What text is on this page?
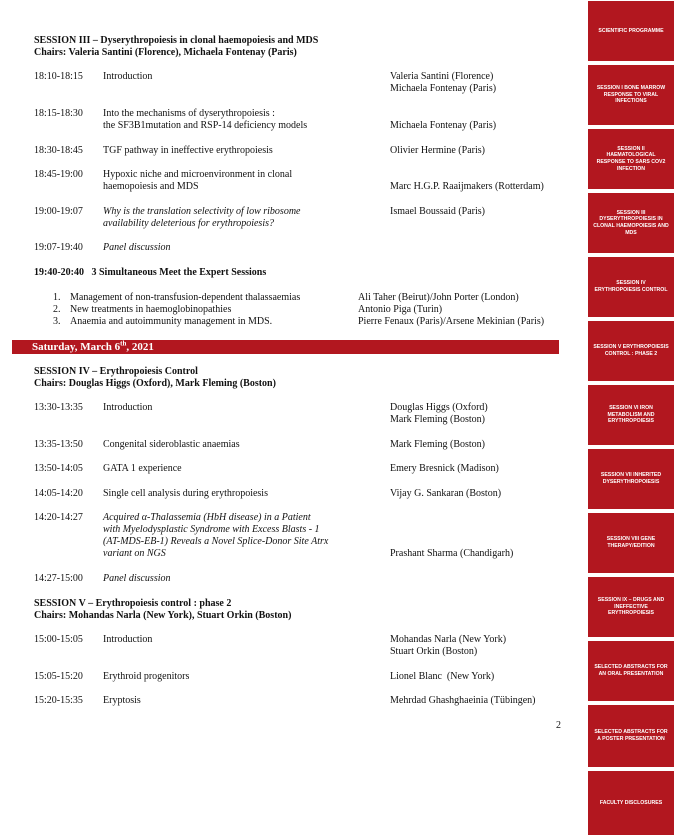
SESSION III – Dyserythropoiesis in clonal haemopoiesis and MDS
Chairs: Valeria Santini (Florence), Michaela Fontenay (Paris)
18:10-18:15 Introduction	Valeria Santini (Florence)
Michaela Fontenay (Paris)
18:15-18:30 Into the mechanisms of dyserythropoiesis :
the SF3B1mutation and RSP-14 deficiency models	Michaela Fontenay (Paris)
18:30-18:45 TGF pathway in ineffective erythropoiesis	Olivier Hermine (Paris)
18:45-19:00 Hypoxic niche and microenvironment in clonal
haemopoiesis and MDS	Marc H.G.P. Raaijmakers (Rotterdam)
19:00-19:07 Why is the translation selectivity of low ribosome
availability deleterious for erythropoiesis?
Ismael Boussaid (Paris)
19:07-19:40 Panel discussion
19:40-20:40   3 Simultaneous Meet the Expert Sessions
1. Management of non-transfusion-dependent thalassaemias	Ali Taher (Beirut)/John Porter (London)
2. New treatments in haemoglobinopathies	Antonio Piga (Turin)
3. Anaemia and autoimmunity management in MDS.	Pierre Fenaux (Paris)/Arsene Mekinian (Paris)
Saturday, March 6th, 2021
SESSION IV – Erythropoiesis Control
Chairs: Douglas Higgs (Oxford), Mark Fleming (Boston)
13:30-13:35 Introduction	Douglas Higgs (Oxford)
Mark Fleming (Boston)
13:35-13:50 Congenital sideroblastic anaemias	Mark Fleming (Boston)
13:50-14:05 GATA 1 experience	Emery Bresnick (Madison)
14:05-14:20 Single cell analysis during erythropoiesis	Vijay G. Sankaran (Boston)
14:20-14:27 Acquired α-Thalassemia (HbH disease) in a Patient
with Myelodysplastic Syndrome with Excess Blasts - 1
(AT-MDS-EB-1) Reveals a Novel Splice-Donor Site Atrx
variant on NGS	Prashant Sharma (Chandigarh)
14:27-15:00 Panel discussion
SESSION V – Erythropoiesis control : phase 2
Chairs: Mohandas Narla (New York), Stuart Orkin (Boston)
15:00-15:05 Introduction	Mohandas Narla (New York)
Stuart Orkin (Boston)
15:05-15:20 Erythroid progenitors	Lionel Blanc  (New York)
15:20-15:35 Eryptosis	Mehrdad Ghashghaeinia (Tübingen)
2
SCIENTIFIC PROGRAMME
SESSION I BONE MARROW RESPONSE TO VIRAL INFECTIONS
SESSION II HAEMATOLOGICAL RESPONSE TO SARS COV2 INFECTION
SESSION III DYSERYTHROPOIESIS IN CLONAL HAEMOPOIESIS AND MDS
SESSION IV ERYTHROPOIESIS CONTROL
SESSION V ERYTHROPOIESIS CONTROL : PHASE 2
SESSION VI IRON METABOLISM AND ERYTHROPOIESIS
SESSION VII INHERITED DYSERYTHROPOIESIS
SESSION VIII GENE THERAPY/EDITION
SESSION IX – DRUGS AND INEFFECTIVE ERYTHROPOIESIS
SELECTED ABSTRACTS FOR AN ORAL PRESENTATION
SELECTED ABSTRACTS FOR A POSTER PRESENTATION
FACULTY DISCLOSURES
